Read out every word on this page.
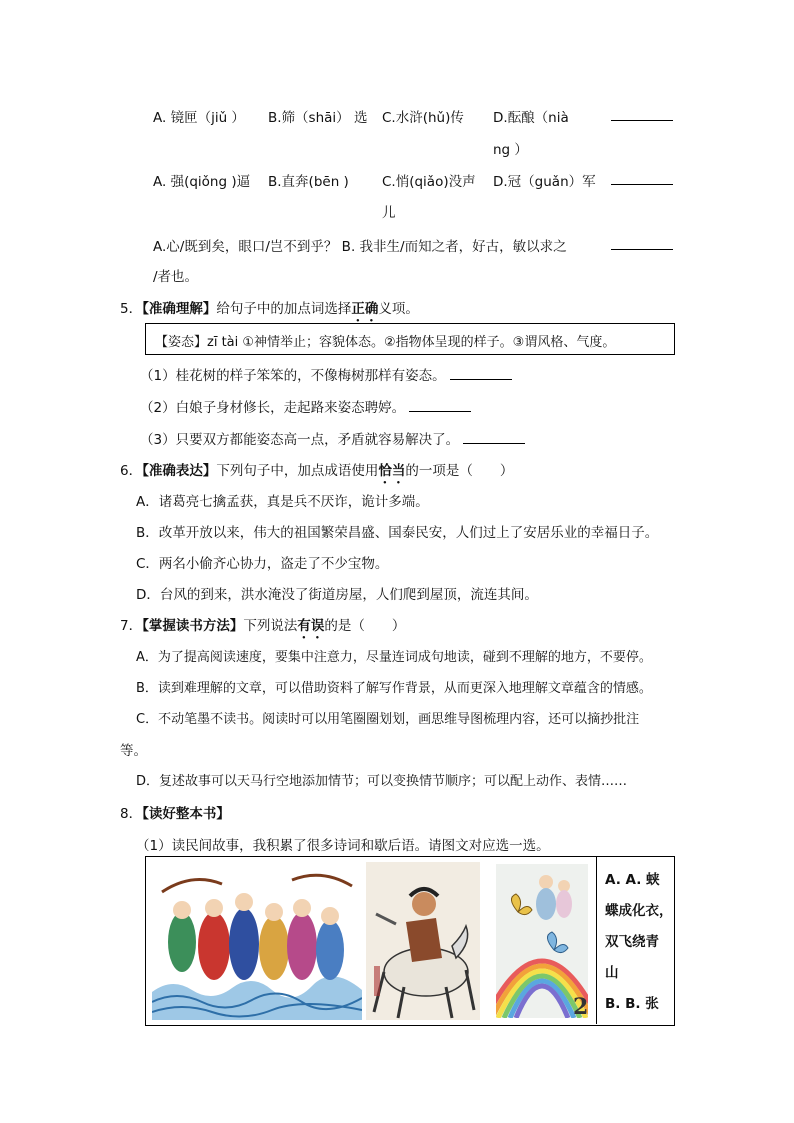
A. 镜匣（jiǔ ） B.筛（shāi） 选 C.水浒(hǔ)传 D.酝酿（nià
ng ）
A. 强(qiǒng )逼 B.直奔(bēn ) C.悄(qiǎo)没声
儿
D.冠（guǎn）军
A.心/既到矣，眼口/岂不到乎？ B. 我非生/而知之者，好古，敏以求之
/者也。
5．【准确理解】给句子中的加点词选择正确义项。
【姿态】zī tài ①神情举止；容貌体态。②指物体呈现的样子。③谓风格、气度。
（1）桂花树的样子笨笨的，不像梅树那样有姿态。
（2）白娘子身材修长，走起路来姿态聘婷。
（3）只要双方都能姿态高一点，矛盾就容易解决了。
6．【准确表达】下列句子中，加点成语使用恰当的一项是（　　）
A．诸葛亮七擒孟获，真是兵不厌诈，诡计多端。
B．改革开放以来，伟大的祖国繁荣昌盛、国泰民安，人们过上了安居乐业的幸福日子。
C．两名小偷齐心协力，盗走了不少宝物。
D．台风的到来，洪水淹没了街道房屋，人们爬到屋顶，流连其间。
7．【掌握读书方法】下列说法有误的是（　　）
A．为了提高阅读速度，要集中注意力，尽量连词成句地读，碰到不理解的地方，不要停。
B．读到难理解的文章，可以借助资料了解写作背景，从而更深入地理解文章蕴含的情感。
C．不动笔墨不读书。阅读时可以用笔圈圈划划，画思维导图梳理内容，还可以摘抄批注
等。
D．复述故事可以天马行空地添加情节；可以变换情节顺序；可以配上动作、表情……
8．【读好整本书】
（1）读民间故事，我积累了很多诗词和歇后语。请图文对应选一选。
2
A. A. 蛱
蝶成化衣，
双飞绕青
山
B. B. 张
